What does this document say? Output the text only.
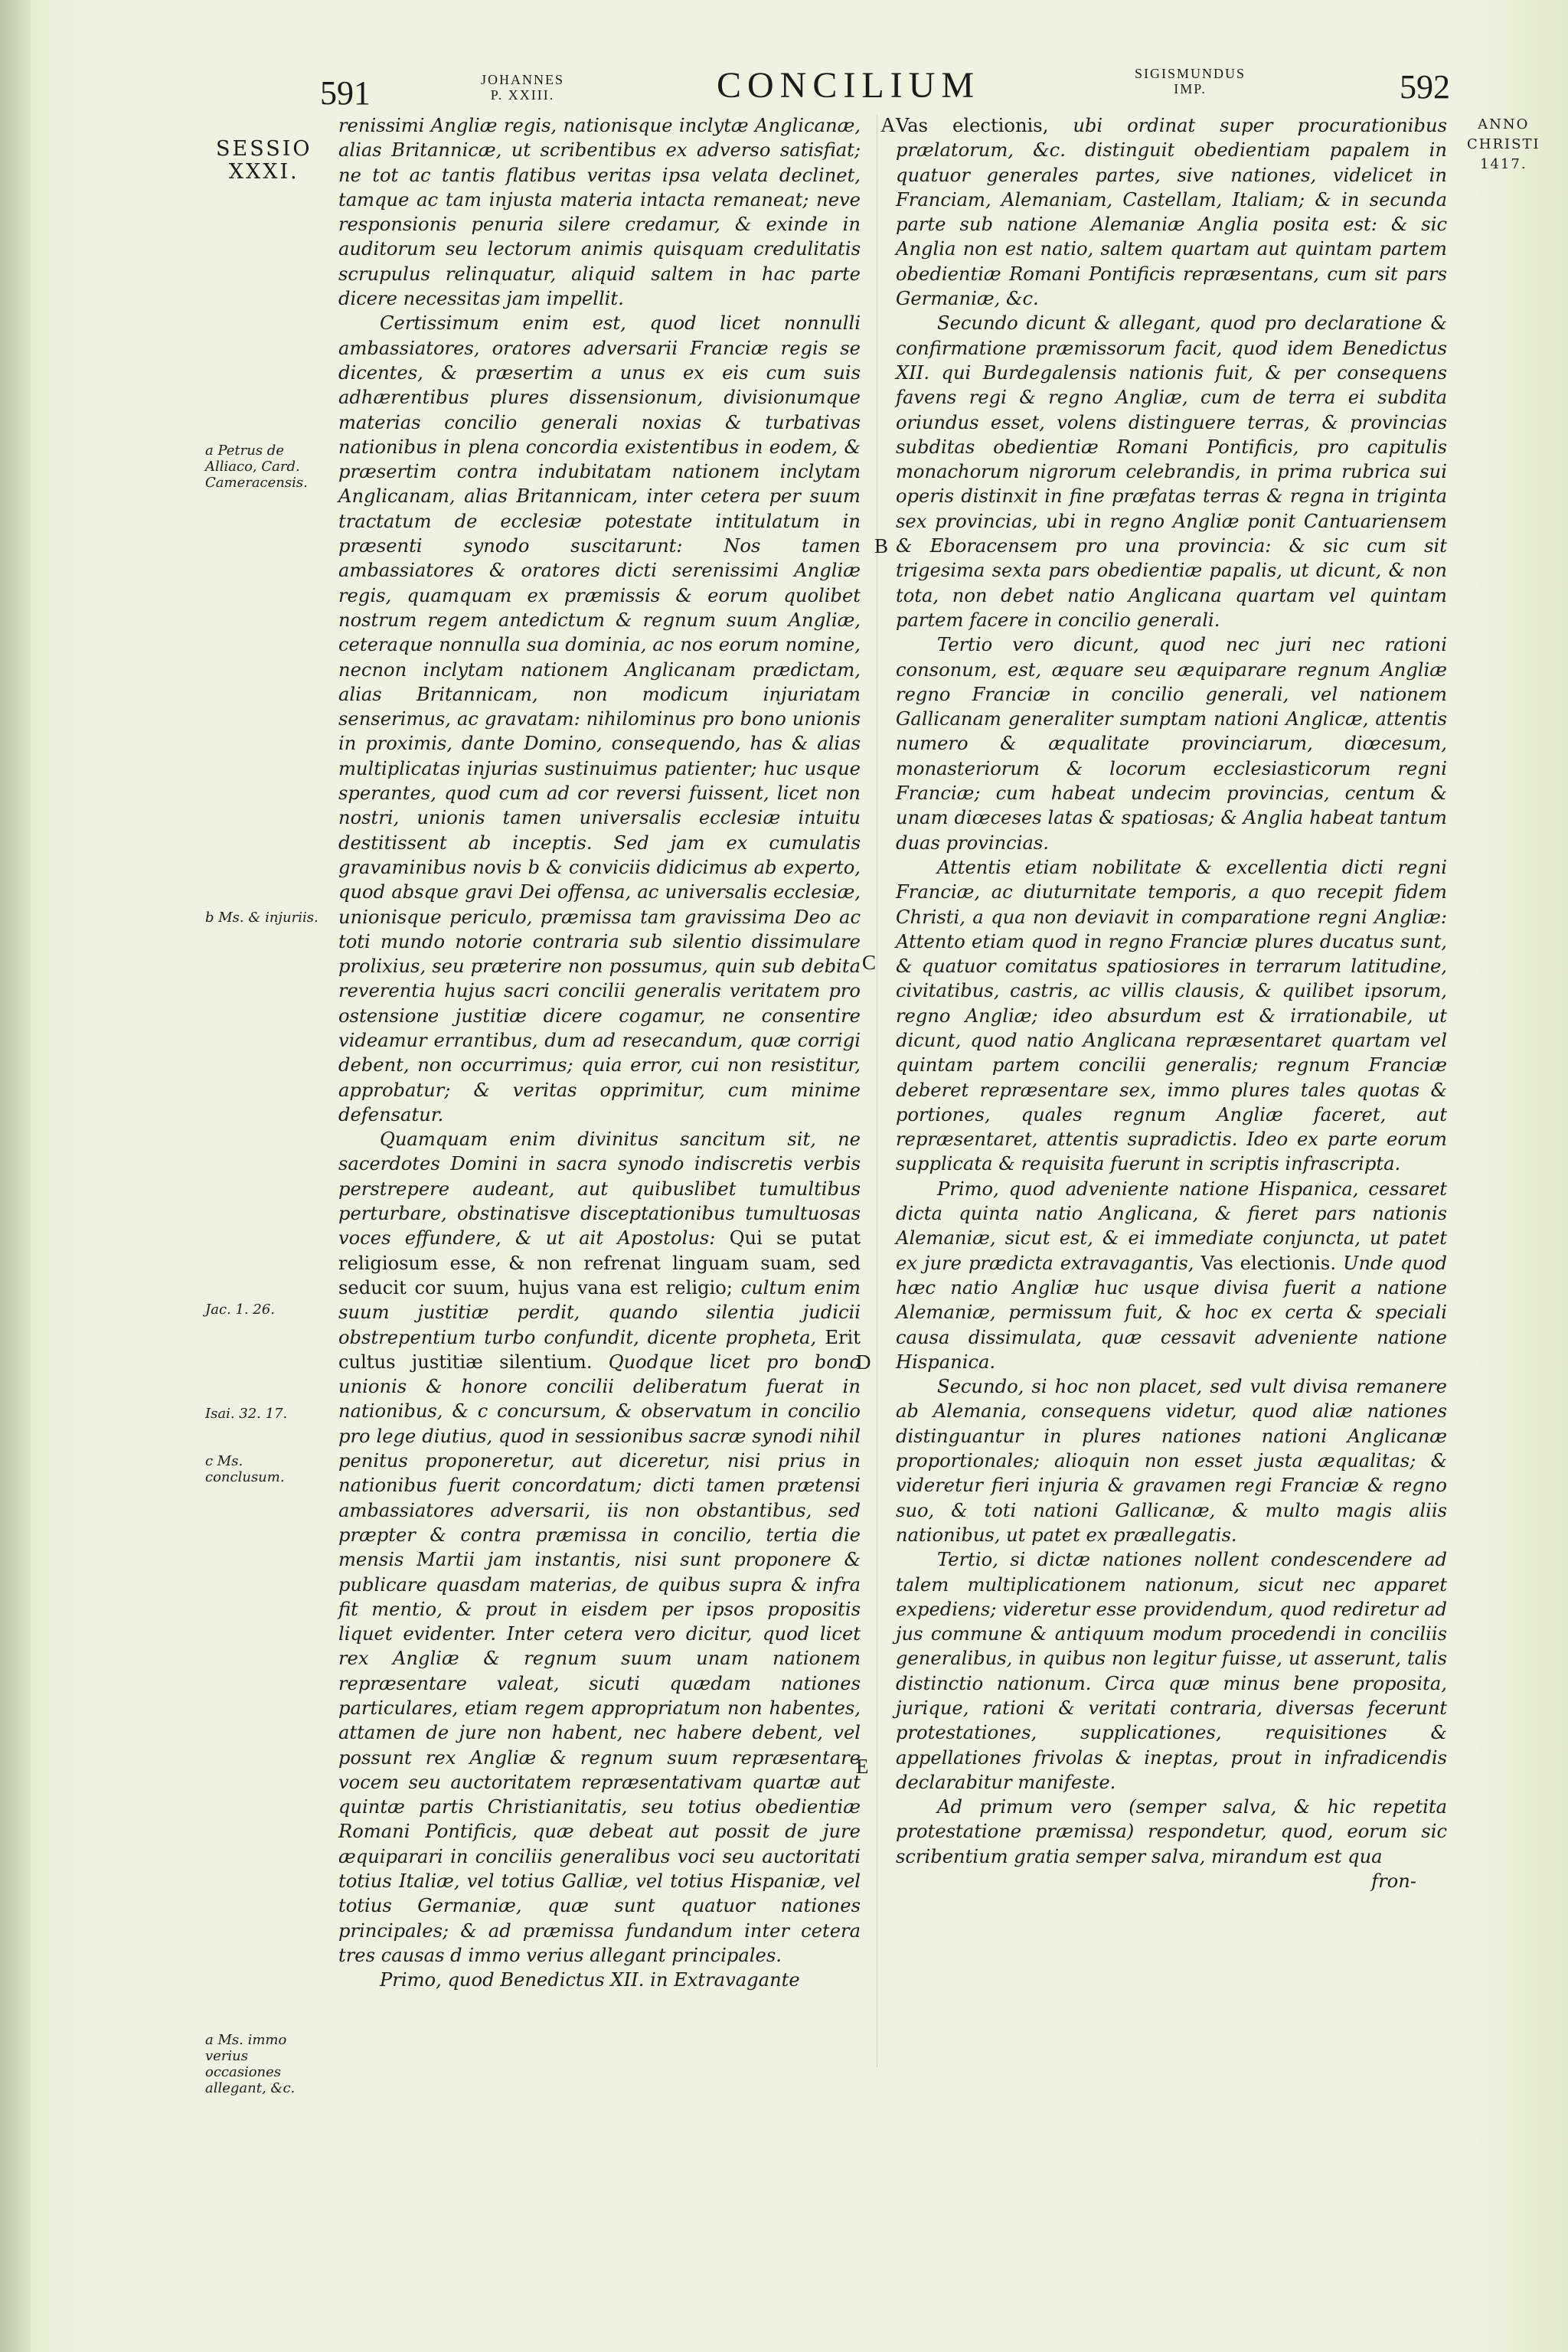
591	JOHANNES
P. XXIII.	CONCILIUM	SIGISMUNDUS
IMP.	592
SESSIO
XXXI.
ANNO
CHRISTI
1417.
A
B
C
D
E
a Petrus de Alliaco, Card. Cameracensis.
b Ms. & injuriis.
Jac. 1. 26.
Isai. 32. 17.
c Ms. conclusum.
a Ms. immo verius occasiones allegant, &c.

renissimi Angliæ regis, nationisque inclytæ Anglicanæ, alias Britannicæ, ut scribentibus ex adverso satisfiat; ne tot ac tantis flatibus veritas ipsa velata declinet, tamque ac tam injusta materia intacta remaneat; neve responsionis penuria silere credamur, & exinde in auditorum seu lectorum animis quisquam credulitatis scrupulus relinquatur, aliquid saltem in hac parte dicere necessitas jam impellit.

Certissimum enim est, quod licet nonnulli ambassiatores, oratores adversarii Franciæ regis se dicentes, & præsertim a unus ex eis cum suis adhærentibus plures dissensionum, divisionumque materias concilio generali noxias & turbativas nationibus in plena concordia existentibus in eodem, & præsertim contra indubitatam nationem inclytam Anglicanam, alias Britannicam, inter cetera per suum tractatum de ecclesiæ potestate intitulatum in præsenti synodo suscitarunt: Nos tamen ambassiatores & oratores dicti serenissimi Angliæ regis, quamquam ex præmissis & eorum quolibet nostrum regem antedictum & regnum suum Angliæ, ceteraque nonnulla sua dominia, ac nos eorum nomine, necnon inclytam nationem Anglicanam prædictam, alias Britannicam, non modicum injuriatam senserimus, ac gravatam: nihilominus pro bono unionis in proximis, dante Domino, consequendo, has & alias multiplicatas injurias sustinuimus patienter; huc usque sperantes, quod cum ad cor reversi fuissent, licet non nostri, unionis tamen universalis ecclesiæ intuitu destitissent ab inceptis. Sed jam ex cumulatis gravaminibus novis b & conviciis didicimus ab experto, quod absque gravi Dei offensa, ac universalis ecclesiæ, unionisque periculo, præmissa tam gravissima Deo ac toti mundo notorie contraria sub silentio dissimulare prolixius, seu præterire non possumus, quin sub debita reverentia hujus sacri concilii generalis veritatem pro ostensione justitiæ dicere cogamur, ne consentire videamur errantibus, dum ad resecandum, quæ corrigi debent, non occurrimus; quia error, cui non resistitur, approbatur; & veritas opprimitur, cum minime defensatur.

Quamquam enim divinitus sancitum sit, ne sacerdotes Domini in sacra synodo indiscretis verbis perstrepere audeant, aut quibuslibet tumultibus perturbare, obstinatisve disceptationibus tumultuosas voces effundere, & ut ait Apostolus: Qui se putat religiosum esse, & non refrenat linguam suam, sed seducit cor suum, hujus vana est religio; cultum enim suum justitiæ perdit, quando silentia judicii obstrepentium turbo confundit, dicente propheta, Erit cultus justitiæ silentium. Quodque licet pro bono unionis & honore concilii deliberatum fuerat in nationibus, & c concursum, & observatum in concilio pro lege diutius, quod in sessionibus sacræ synodi nihil penitus proponeretur, aut diceretur, nisi prius in nationibus fuerit concordatum; dicti tamen prætensi ambassiatores adversarii, iis non obstantibus, sed præpter & contra præmissa in concilio, tertia die mensis Martii jam instantis, nisi sunt proponere & publicare quasdam materias, de quibus supra & infra fit mentio, & prout in eisdem per ipsos propositis liquet evidenter. Inter cetera vero dicitur, quod licet rex Angliæ & regnum suum unam nationem repræsentare valeat, sicuti quædam nationes particulares, etiam regem appropriatum non habentes, attamen de jure non habent, nec habere debent, vel possunt rex Angliæ & regnum suum repræsentare vocem seu auctoritatem repræsentativam quartæ aut quintæ partis Christianitatis, seu totius obedientiæ Romani Pontificis, quæ debeat aut possit de jure æquiparari in conciliis generalibus voci seu auctoritati totius Italiæ, vel totius Galliæ, vel totius Hispaniæ, vel totius Germaniæ, quæ sunt quatuor nationes principales; & ad præmissa fundandum inter cetera tres causas d immo verius allegant principales.

Primo, quod Benedictus XII. in Extravagante

Vas electionis, ubi ordinat super procurationibus prælatorum, &c. distinguit obedientiam papalem in quatuor generales partes, sive nationes, videlicet in Franciam, Alemaniam, Castellam, Italiam; & in secunda parte sub natione Alemaniæ Anglia posita est: & sic Anglia non est natio, saltem quartam aut quintam partem obedientiæ Romani Pontificis repræsentans, cum sit pars Germaniæ, &c.

Secundo dicunt & allegant, quod pro declaratione & confirmatione præmissorum facit, quod idem Benedictus XII. qui Burdegalensis nationis fuit, & per consequens favens regi & regno Angliæ, cum de terra ei subdita oriundus esset, volens distinguere terras, & provincias subditas obedientiæ Romani Pontificis, pro capitulis monachorum nigrorum celebrandis, in prima rubrica sui operis distinxit in fine præfatas terras & regna in triginta sex provincias, ubi in regno Angliæ ponit Cantuariensem & Eboracensem pro una provincia: & sic cum sit trigesima sexta pars obedientiæ papalis, ut dicunt, & non tota, non debet natio Anglicana quartam vel quintam partem facere in concilio generali.

Tertio vero dicunt, quod nec juri nec rationi consonum, est, æquare seu æquiparare regnum Angliæ regno Franciæ in concilio generali, vel nationem Gallicanam generaliter sumptam nationi Anglicæ, attentis numero & æqualitate provinciarum, diœcesum, monasteriorum & locorum ecclesiasticorum regni Franciæ; cum habeat undecim provincias, centum & unam diœceses latas & spatiosas; & Anglia habeat tantum duas provincias.

Attentis etiam nobilitate & excellentia dicti regni Franciæ, ac diuturnitate temporis, a quo recepit fidem Christi, a qua non deviavit in comparatione regni Angliæ: Attento etiam quod in regno Franciæ plures ducatus sunt, & quatuor comitatus spatiosiores in terrarum latitudine, civitatibus, castris, ac villis clausis, & quilibet ipsorum, regno Angliæ; ideo absurdum est & irrationabile, ut dicunt, quod natio Anglicana repræsentaret quartam vel quintam partem concilii generalis; regnum Franciæ deberet repræsentare sex, immo plures tales quotas & portiones, quales regnum Angliæ faceret, aut repræsentaret, attentis supradictis. Ideo ex parte eorum supplicata & requisita fuerunt in scriptis infrascripta.

Primo, quod adveniente natione Hispanica, cessaret dicta quinta natio Anglicana, & fieret pars nationis Alemaniæ, sicut est, & ei immediate conjuncta, ut patet ex jure prædicta extravagantis, Vas electionis. Unde quod hæc natio Angliæ huc usque divisa fuerit a natione Alemaniæ, permissum fuit, & hoc ex certa & speciali causa dissimulata, quæ cessavit adveniente natione Hispanica.

Secundo, si hoc non placet, sed vult divisa remanere ab Alemania, consequens videtur, quod aliæ nationes distinguantur in plures nationes nationi Anglicanæ proportionales; alioquin non esset justa æqualitas; & videretur fieri injuria & gravamen regi Franciæ & regno suo, & toti nationi Gallicanæ, & multo magis aliis nationibus, ut patet ex præallegatis.

Tertio, si dictæ nationes nollent condescendere ad talem multiplicationem nationum, sicut nec apparet expediens; videretur esse providendum, quod rediretur ad jus commune & antiquum modum procedendi in conciliis generalibus, in quibus non legitur fuisse, ut asserunt, talis distinctio nationum. Circa quæ minus bene proposita, jurique, rationi & veritati contraria, diversas fecerunt protestationes, supplicationes, requisitiones & appellationes frivolas & ineptas, prout in infradicendis declarabitur manifeste.

Ad primum vero (semper salva, & hic repetita protestatione præmissa) respondetur, quod, eorum sic scribentium gratia semper salva, mirandum est qua

fron-
